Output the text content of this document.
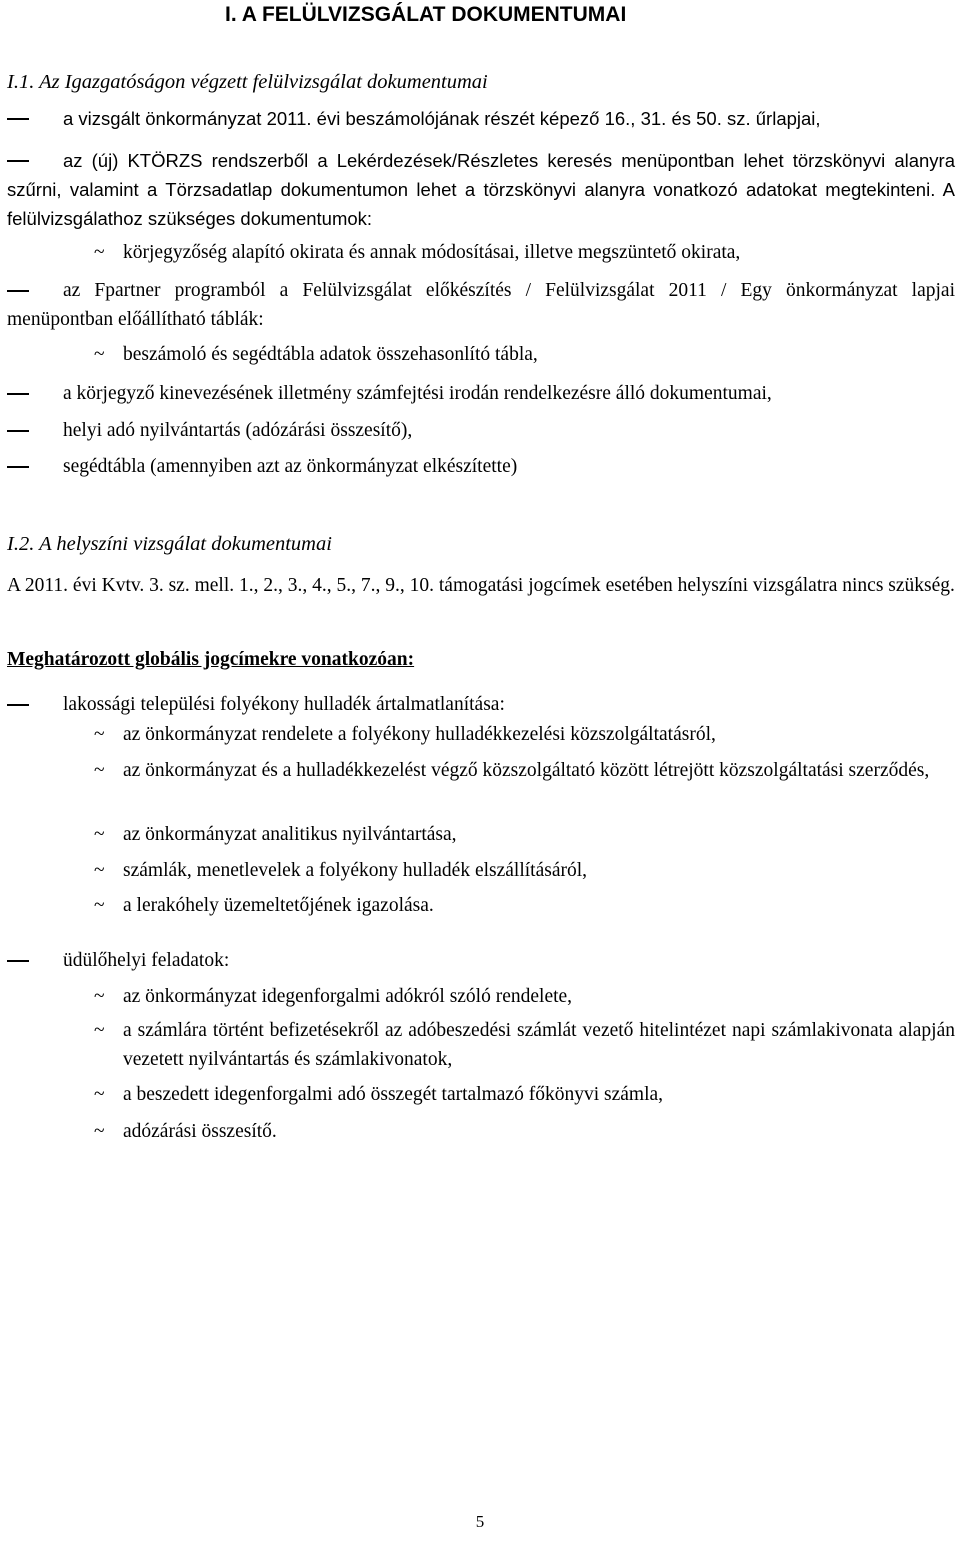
I. A FELÜLVIZSGÁLAT DOKUMENTUMAI
I.1. Az Igazgatóságon végzett felülvizsgálat dokumentumai
a vizsgált önkormányzat 2011. évi beszámolójának részét képező 16., 31. és 50. sz. űrlapjai,
az (új) KTÖRZS rendszerből a Lekérdezések/Részletes keresés menüpontban lehet törzskönyvi alanyra szűrni, valamint a Törzsadatlap dokumentumon lehet a törzskönyvi alanyra vonatkozó adatokat megtekinteni. A felülvizsgálathoz szükséges dokumentumok:
~ körjegyzőség alapító okirata és annak módosításai, illetve megszüntető okirata,
az Fpartner programból a Felülvizsgálat előkészítés / Felülvizsgálat 2011 / Egy önkormányzat lapjai menüpontban előállítható táblák:
~ beszámoló és segédtábla adatok összehasonlító tábla,
a körjegyző kinevezésének illetmény számfejtési irodán rendelkezésre álló dokumentumai,
helyi adó nyilvántartás (adózárási összesítő),
segédtábla (amennyiben azt az önkormányzat elkészítette)
I.2. A helyszíni vizsgálat dokumentumai
A 2011. évi Kvtv. 3. sz. mell. 1., 2., 3., 4., 5., 7., 9., 10. támogatási jogcímek esetében helyszíni vizsgálatra nincs szükség.
Meghatározott globális jogcímekre vonatkozóan:
lakossági települési folyékony hulladék ártalmatlanítása:
~ az önkormányzat rendelete a folyékony hulladékkezelési közszolgáltatásról,
~ az önkormányzat és a hulladékkezelést végző közszolgáltató között létrejött közszolgáltatási szerződés,
~ az önkormányzat analitikus nyilvántartása,
~ számlák, menetlevelek a folyékony hulladék elszállításáról,
~ a lerakóhely üzemeltetőjének igazolása.
üdülőhelyi feladatok:
~ az önkormányzat idegenforgalmi adókról szóló rendelete,
~ a számlára történt befizetésekről az adóbeszedési számlát vezető hitelintézet napi számlakivonata alapján vezetett nyilvántartás és számlakivonatok,
~ a beszedett idegenforgalmi adó összegét tartalmazó főkönyvi számla,
~ adózárási összesítő.
5
